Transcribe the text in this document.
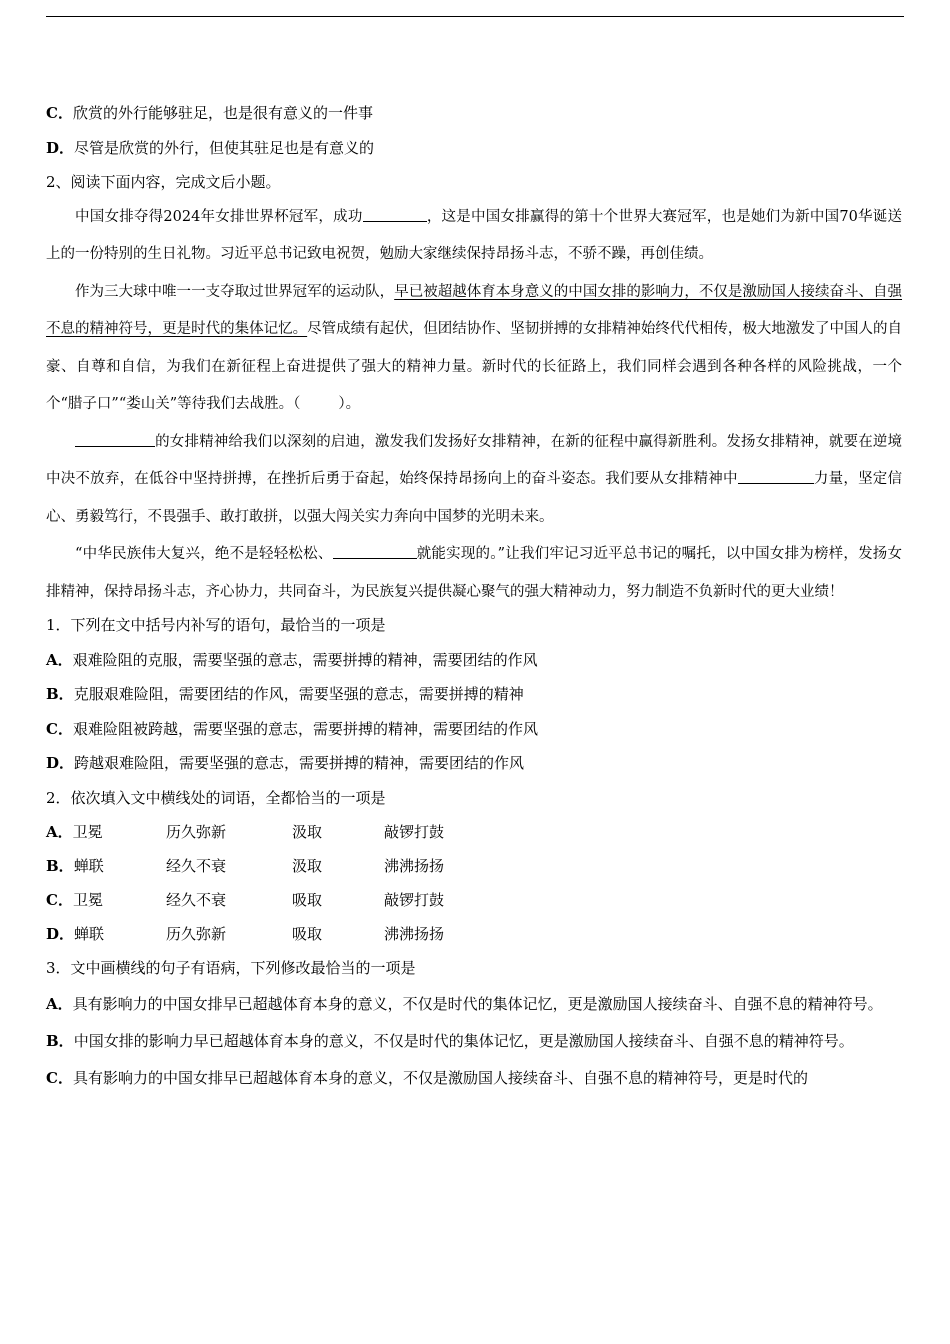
C．欣赏的外行能够驻足，也是很有意义的一件事
D．尽管是欣赏的外行，但使其驻足也是有意义的
2、阅读下面内容，完成文后小题。
中国女排夺得2024年女排世界杯冠军，成功	，这是中国女排赢得的第十个世界大赛冠军，也是她们为新中国70华诞送上的一份特别的生日礼物。习近平总书记致电祝贺，勉励大家继续保持昂扬斗志，不骄不躁，再创佳绩。
作为三大球中唯一一支夺取过世界冠军的运动队，早已被超越体育本身意义的中国女排的影响力，不仅是激励国人接续奋斗、自强不息的精神符号，更是时代的集体记忆。尽管成绩有起伏，但团结协作、坚韧拼搏的女排精神始终代代相传，极大地激发了中国人的自豪、自尊和自信，为我们在新征程上奋进提供了强大的精神力量。新时代的长征路上，我们同样会遇到各种各样的风险挑战，一个个“腊子口”“娄山关”等待我们去战胜。（	）。
的女排精神给我们以深刻的启迪，激发我们发扬好女排精神，在新的征程中赢得新胜利。发扬女排精神，就要在逆境中决不放弃，在低谷中坚持拼搏，在挫折后勇于奋起，始终保持昂扬向上的奋斗姿态。我们要从女排精神中	力量，坚定信心、勇毅笃行，不畏强手、敢打敢拼，以强大闯关实力奔向中国梦的光明未来。
“中华民族伟大复兴，绝不是轻轻松松、	就能实现的。”让我们牢记习近平总书记的嘱托，以中国女排为榜样，发扬女排精神，保持昂扬斗志，齐心协力，共同奋斗，为民族复兴提供凝心聚气的强大精神动力，努力制造不负新时代的更大业绩！
1．下列在文中括号内补写的语句，最恰当的一项是
A．艰难险阻的克服，需要坚强的意志，需要拼搏的精神，需要团结的作风
B．克服艰难险阻，需要团结的作风，需要坚强的意志，需要拼搏的精神
C．艰难险阻被跨越，需要坚强的意志，需要拼搏的精神，需要团结的作风
D．跨越艰难险阻，需要坚强的意志，需要拼搏的精神，需要团结的作风
2．依次填入文中横线处的词语，全都恰当的一项是
A．卫冕	历久弥新	汲取	敲锣打鼓
B．蝉联	经久不衰	汲取	沸沸扬扬
C．卫冕	经久不衰	吸取	敲锣打鼓
D．蝉联	历久弥新	吸取	沸沸扬扬
3．文中画横线的句子有语病，下列修改最恰当的一项是
A．具有影响力的中国女排早已超越体育本身的意义，不仅是时代的集体记忆，更是激励国人接续奋斗、自强不息的精神符号。
B．中国女排的影响力早已超越体育本身的意义，不仅是时代的集体记忆，更是激励国人接续奋斗、自强不息的精神符号。
C．具有影响力的中国女排早已超越体育本身的意义，不仅是激励国人接续奋斗、自强不息的精神符号，更是时代的
